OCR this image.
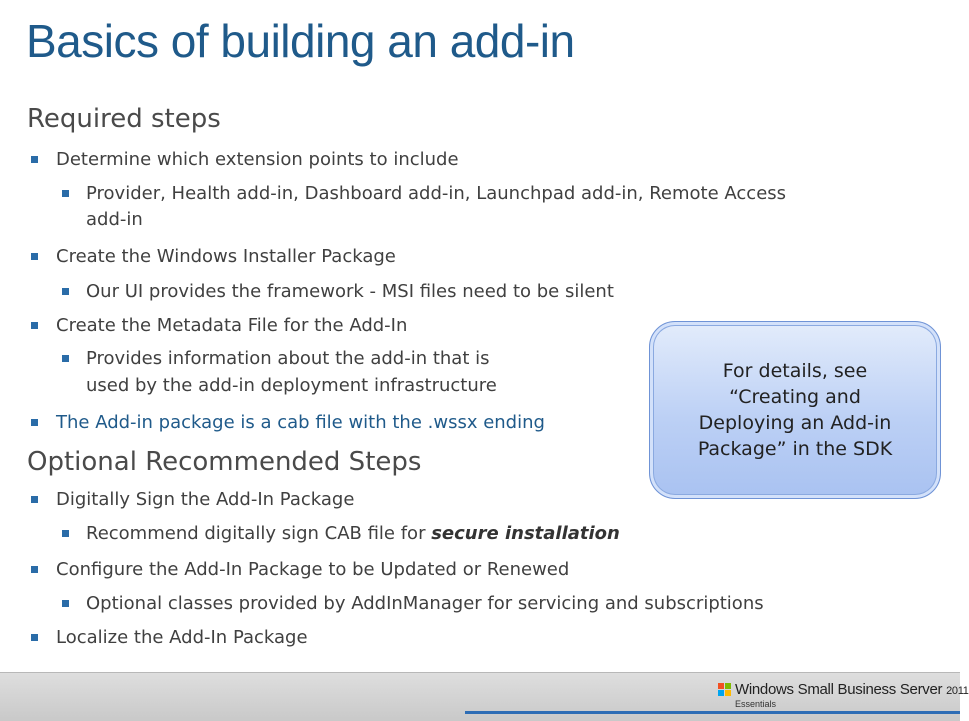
Basics of building an add-in
Required steps
Determine which extension points to include
Provider, Health add-in, Dashboard add-in, Launchpad add-in, Remote Access
add-in
Create the Windows Installer Package
Our UI provides the framework - MSI files need to be silent
Create the Metadata File for the Add-In
Provides information about the add-in that is
used by the add-in deployment infrastructure
The Add-in package is a cab file with the .wssx ending
Optional Recommended Steps
Digitally Sign the Add-In Package
Recommend digitally sign CAB file for secure installation
Configure the Add-In Package to be Updated or Renewed
Optional classes provided by AddInManager for servicing and subscriptions
Localize the Add-In Package
For details, see “Creating and Deploying an Add-in Package” in the SDK
Windows Small Business Server 2011
Essentials
